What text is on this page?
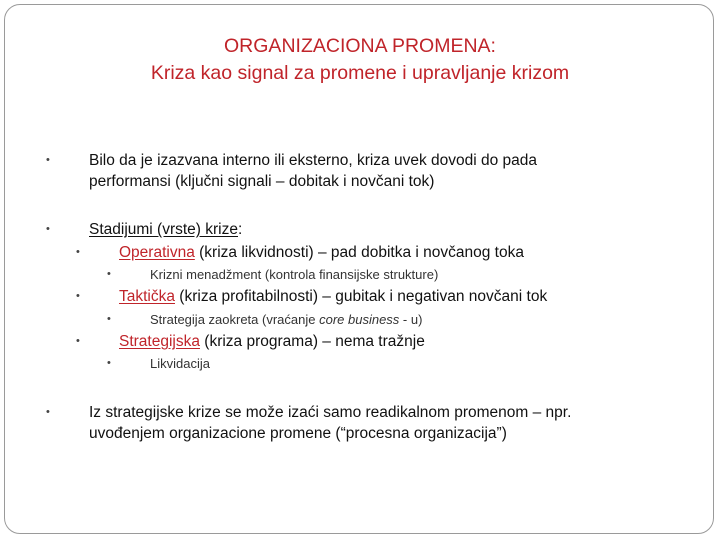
ORGANIZACIONA PROMENA:
Kriza kao signal za promene i upravljanje krizom
•	Bilo da je izazvana interno ili eksterno, kriza uvek dovodi do pada
performansi (ključni signali – dobitak i novčani tok)
•	Stadijumi (vrste) krize:
•	Operativna (kriza likvidnosti) – pad dobitka i novčanog toka
•	Krizni menadžment (kontrola finansijske strukture)
•	Taktička (kriza profitabilnosti) – gubitak i negativan novčani tok
•	Strategija zaokreta (vraćanje core business - u)
•	Strategijska (kriza programa) – nema tražnje
•	Likvidacija
•	Iz strategijske krize se može izaći samo readikalnom promenom – npr.
uvođenjem organizacione promene (“procesna organizacija”)
